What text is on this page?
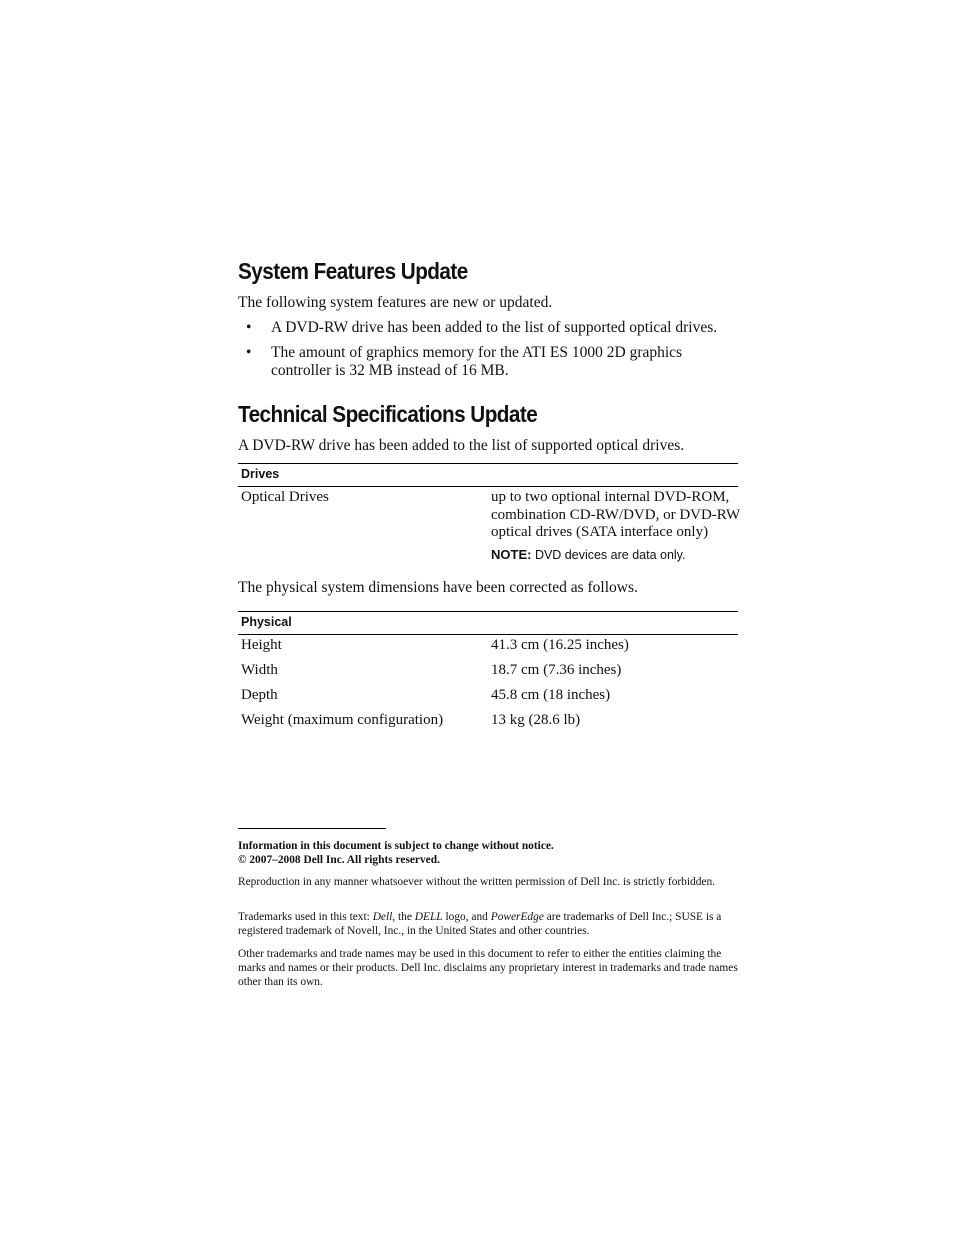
System Features Update

The following system features are new or updated.

• A DVD-RW drive has been added to the list of supported optical drives.
• The amount of graphics memory for the ATI ES 1000 2D graphics controller is 32 MB instead of 16 MB.
Technical Specifications Update

A DVD-RW drive has been added to the list of supported optical drives.

Drives
Optical Drives	up to two optional internal DVD-ROM, combination CD-RW/DVD, or DVD-RW optical drives (SATA interface only)
NOTE: DVD devices are data only.

The physical system dimensions have been corrected as follows.

Physical
Height	41.3 cm (16.25 inches)
Width	18.7 cm (7.36 inches)
Depth	45.8 cm (18 inches)
Weight (maximum configuration)	13 kg (28.6 lb)

Information in this document is subject to change without notice.
© 2007–2008 Dell Inc. All rights reserved.

Reproduction in any manner whatsoever without the written permission of Dell Inc. is strictly forbidden.

Trademarks used in this text: Dell, the DELL logo, and PowerEdge are trademarks of Dell Inc.; SUSE is a registered trademark of Novell, Inc., in the United States and other countries.

Other trademarks and trade names may be used in this document to refer to either the entities claiming the marks and names or their products. Dell Inc. disclaims any proprietary interest in trademarks and trade names other than its own.
